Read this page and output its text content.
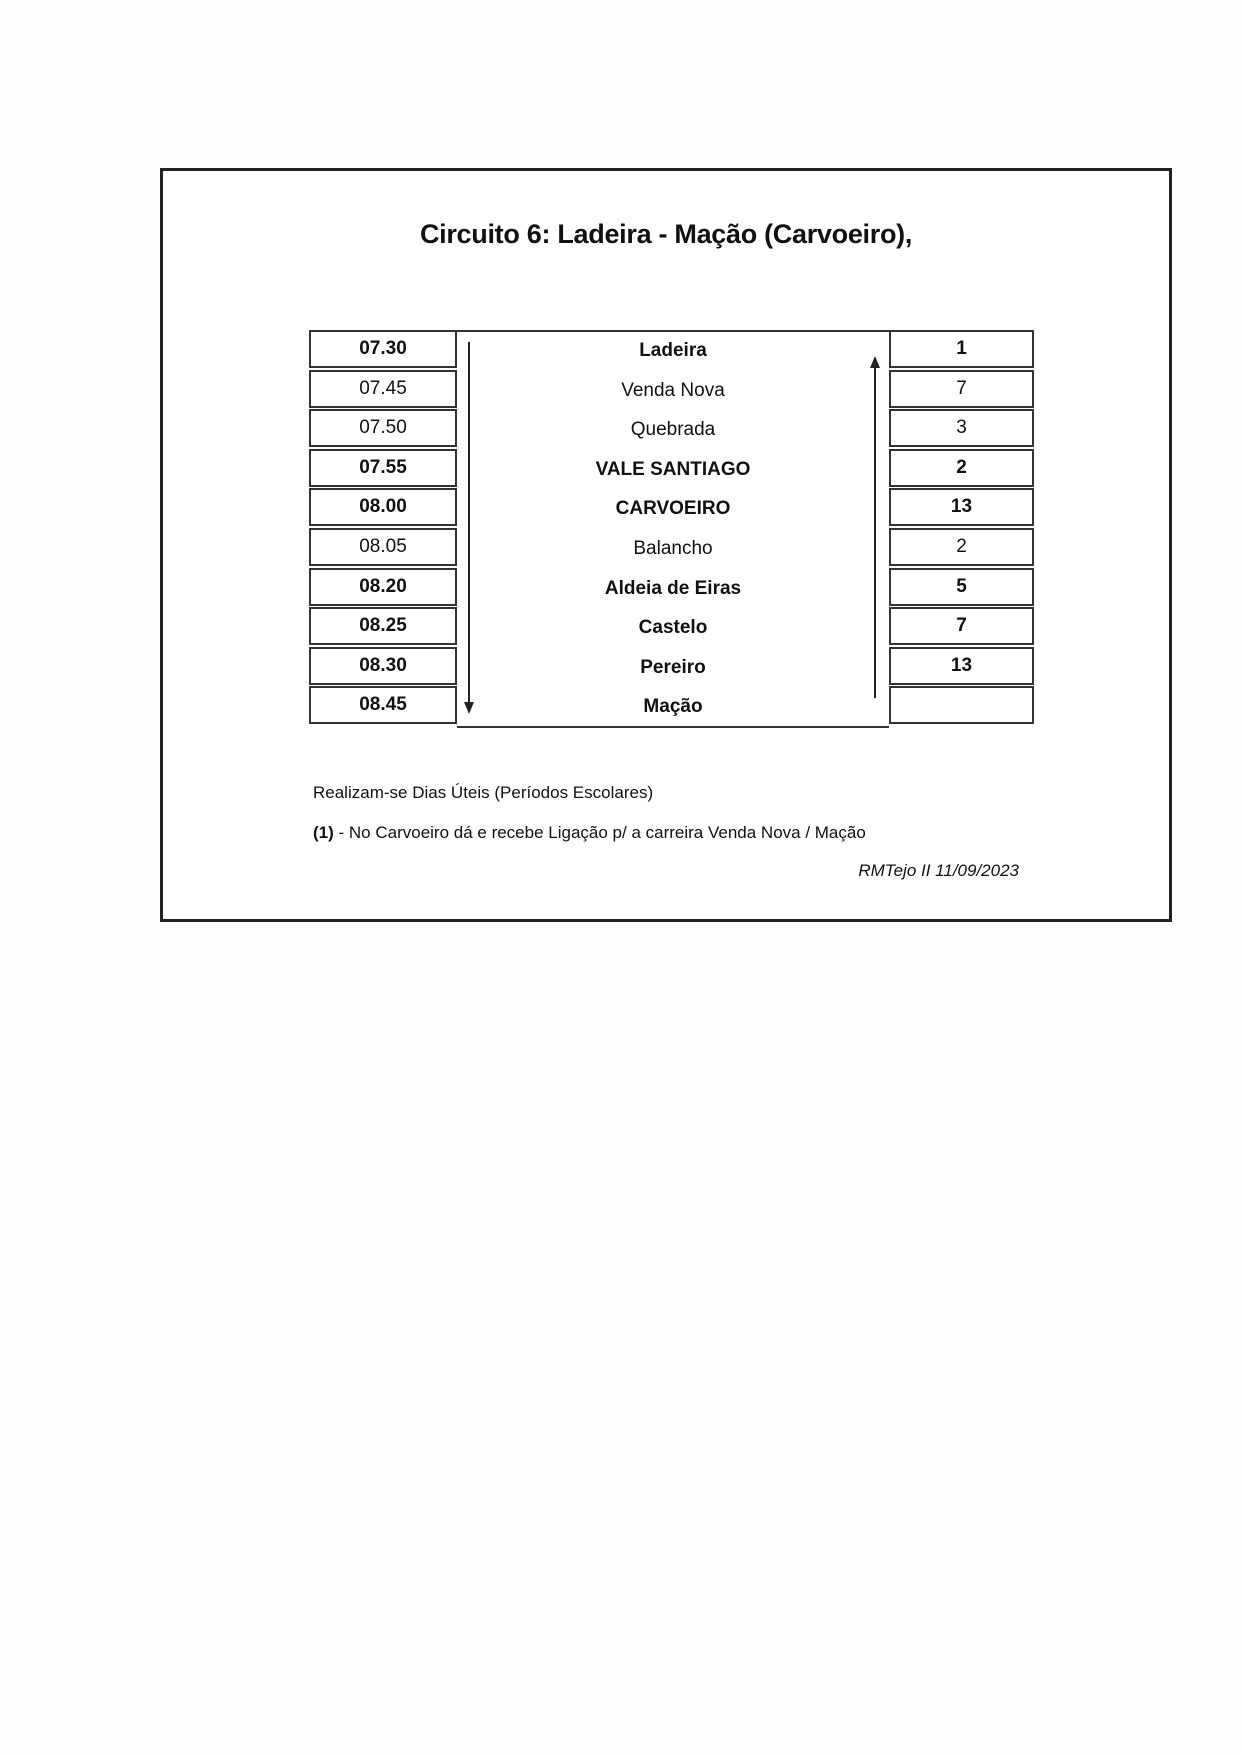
Circuito 6: Ladeira - Mação (Carvoeiro),
07.30
07.45
07.50
07.55
08.00
08.05
08.20
08.25
08.30
08.45
Ladeira
Venda Nova
Quebrada
VALE SANTIAGO
CARVOEIRO
Balancho
Aldeia de Eiras
Castelo
Pereiro
Mação
1
7
3
2
13
2
5
7
13
Realizam-se Dias Úteis (Períodos Escolares)
(1) - No Carvoeiro dá e recebe Ligação p/ a carreira Venda Nova / Mação
RMTejo II 11/09/2023
